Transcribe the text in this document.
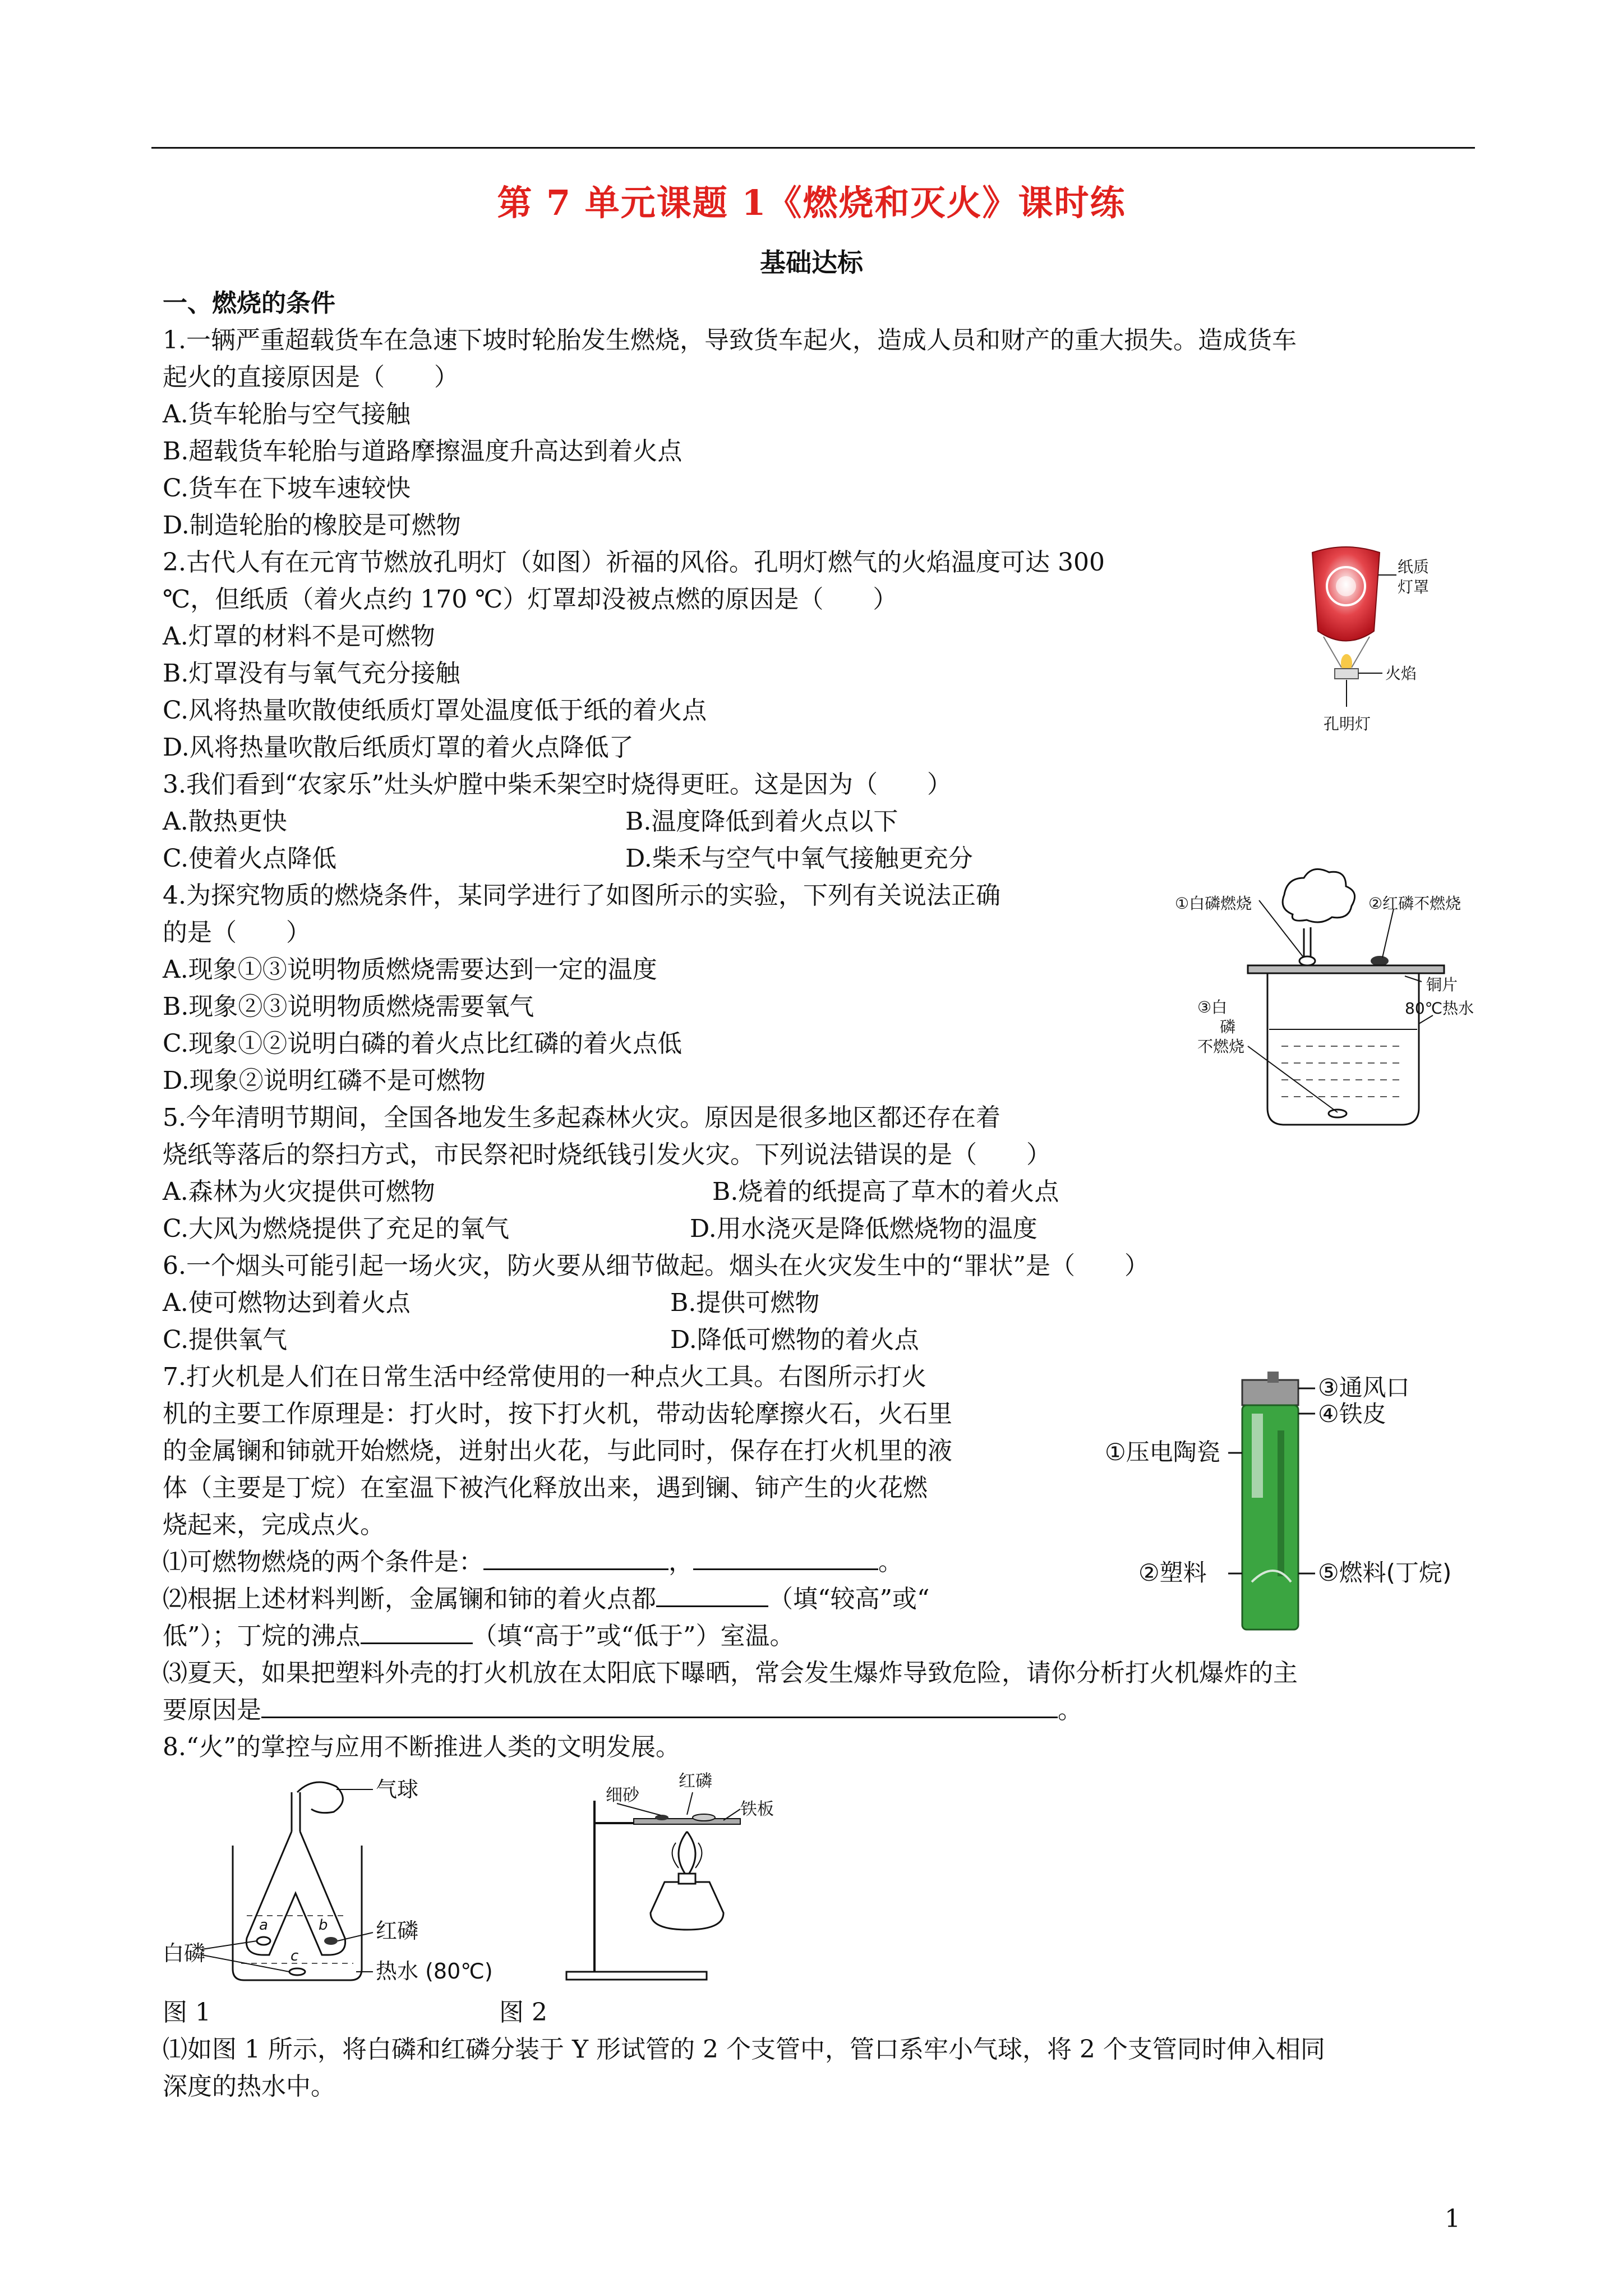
第 7 单元课题 1《燃烧和灭火》课时练
基础达标
一、燃烧的条件
1.一辆严重超载货车在急速下坡时轮胎发生燃烧，导致货车起火，造成人员和财产的重大损失。造成货车
起火的直接原因是（　　）
A.货车轮胎与空气接触
B.超载货车轮胎与道路摩擦温度升高达到着火点
C.货车在下坡车速较快
D.制造轮胎的橡胶是可燃物
2.古代人有在元宵节燃放孔明灯（如图）祈福的风俗。孔明灯燃气的火焰温度可达 300
℃，但纸质（着火点约 170 ℃）灯罩却没被点燃的原因是（　　）
A.灯罩的材料不是可燃物
B.灯罩没有与氧气充分接触
C.风将热量吹散使纸质灯罩处温度低于纸的着火点
D.风将热量吹散后纸质灯罩的着火点降低了
纸质
灯罩
火焰
孔明灯
3.我们看到“农家乐”灶头炉膛中柴禾架空时烧得更旺。这是因为（　　）
A.散热更快	B.温度降低到着火点以下
C.使着火点降低	D.柴禾与空气中氧气接触更充分
4.为探究物质的燃烧条件，某同学进行了如图所示的实验，下列有关说法正确
的是（　　）
A.现象①③说明物质燃烧需要达到一定的温度
B.现象②③说明物质燃烧需要氧气
C.现象①②说明白磷的着火点比红磷的着火点低
D.现象②说明红磷不是可燃物
①白磷燃烧	②红磷不燃烧
铜片
③白
磷
不燃烧
80℃热水
5.今年清明节期间，全国各地发生多起森林火灾。原因是很多地区都还存在着
烧纸等落后的祭扫方式，市民祭祀时烧纸钱引发火灾。下列说法错误的是（　　）
A.森林为火灾提供可燃物	B.烧着的纸提高了草木的着火点
C.大风为燃烧提供了充足的氧气	D.用水浇灭是降低燃烧物的温度
6.一个烟头可能引起一场火灾，防火要从细节做起。烟头在火灾发生中的“罪状”是（　　）
A.使可燃物达到着火点	B.提供可燃物
C.提供氧气	D.降低可燃物的着火点
7.打火机是人们在日常生活中经常使用的一种点火工具。右图所示打火
机的主要工作原理是：打火时，按下打火机，带动齿轮摩擦火石，火石里
的金属镧和铈就开始燃烧，迸射出火花，与此同时，保存在打火机里的液
体（主要是丁烷）在室温下被汽化释放出来，遇到镧、铈产生的火花燃
烧起来，完成点火。
⑴可燃物燃烧的两个条件是：	，	。
⑵根据上述材料判断，金属镧和铈的着火点都	（填“较高”或“
低”）；丁烷的沸点	（填“高于”或“低于”）室温。
⑶夏天，如果把塑料外壳的打火机放在太阳底下曝晒，常会发生爆炸导致危险，请你分析打火机爆炸的主
要原因是	。
③通风口
④铁皮
①压电陶瓷
②塑料	⑤燃料(丁烷)
8.“火”的掌控与应用不断推进人类的文明发展。
a	b
c
气球
红磷
白磷
热水 (80℃)
细砂
红磷
铁板
图 1	图 2
⑴如图 1 所示，将白磷和红磷分装于 Y 形试管的 2 个支管中，管口系牢小气球，将 2 个支管同时伸入相同
深度的热水中。
1
